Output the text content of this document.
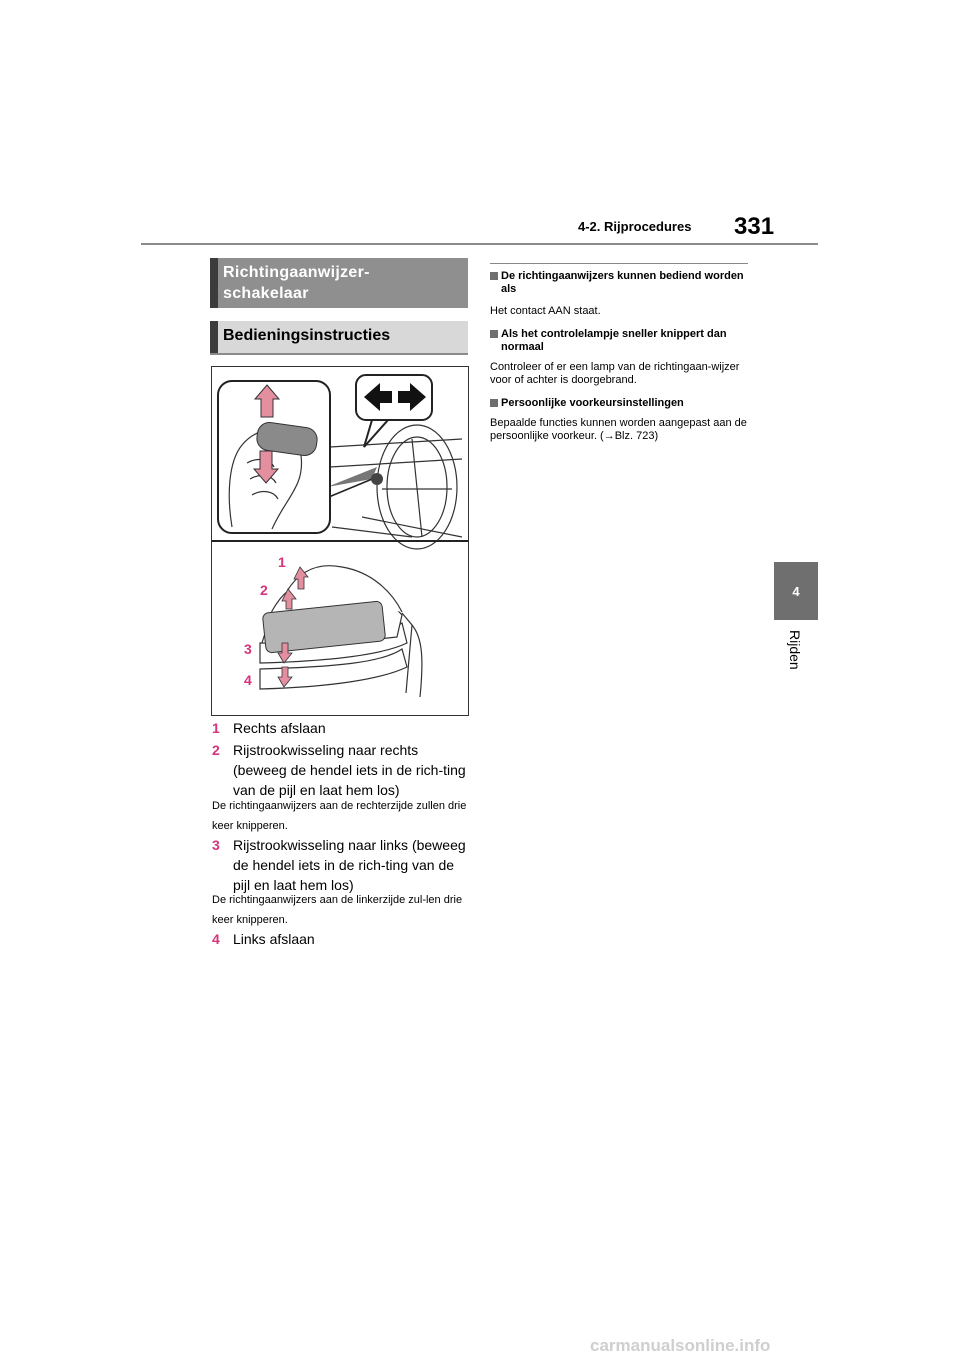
4-2. Rijprocedures 331
4
Rijden
Richtingaanwijzer-
schakelaar
Bedieningsinstructies
1
2
3
4
1 Rechts afslaan
2 Rijstrookwisseling naar rechts (beweeg de hendel iets in de rich-ting van de pijl en laat hem los)
De richtingaanwijzers aan de rechterzijde zullen drie keer knipperen.
3 Rijstrookwisseling naar links (beweeg de hendel iets in de rich-ting van de pijl en laat hem los)
De richtingaanwijzers aan de linkerzijde zul-len drie keer knipperen.
4 Links afslaan
De richtingaanwijzers kunnen bediend worden als
Het contact AAN staat.
Als het controlelampje sneller knippert dan normaal
Controleer of er een lamp van de richtingaan-wijzer voor of achter is doorgebrand.
Persoonlijke voorkeursinstellingen
Bepaalde functies kunnen worden aangepast aan de persoonlijke voorkeur. (→Blz. 723)
carmanualsonline.info
